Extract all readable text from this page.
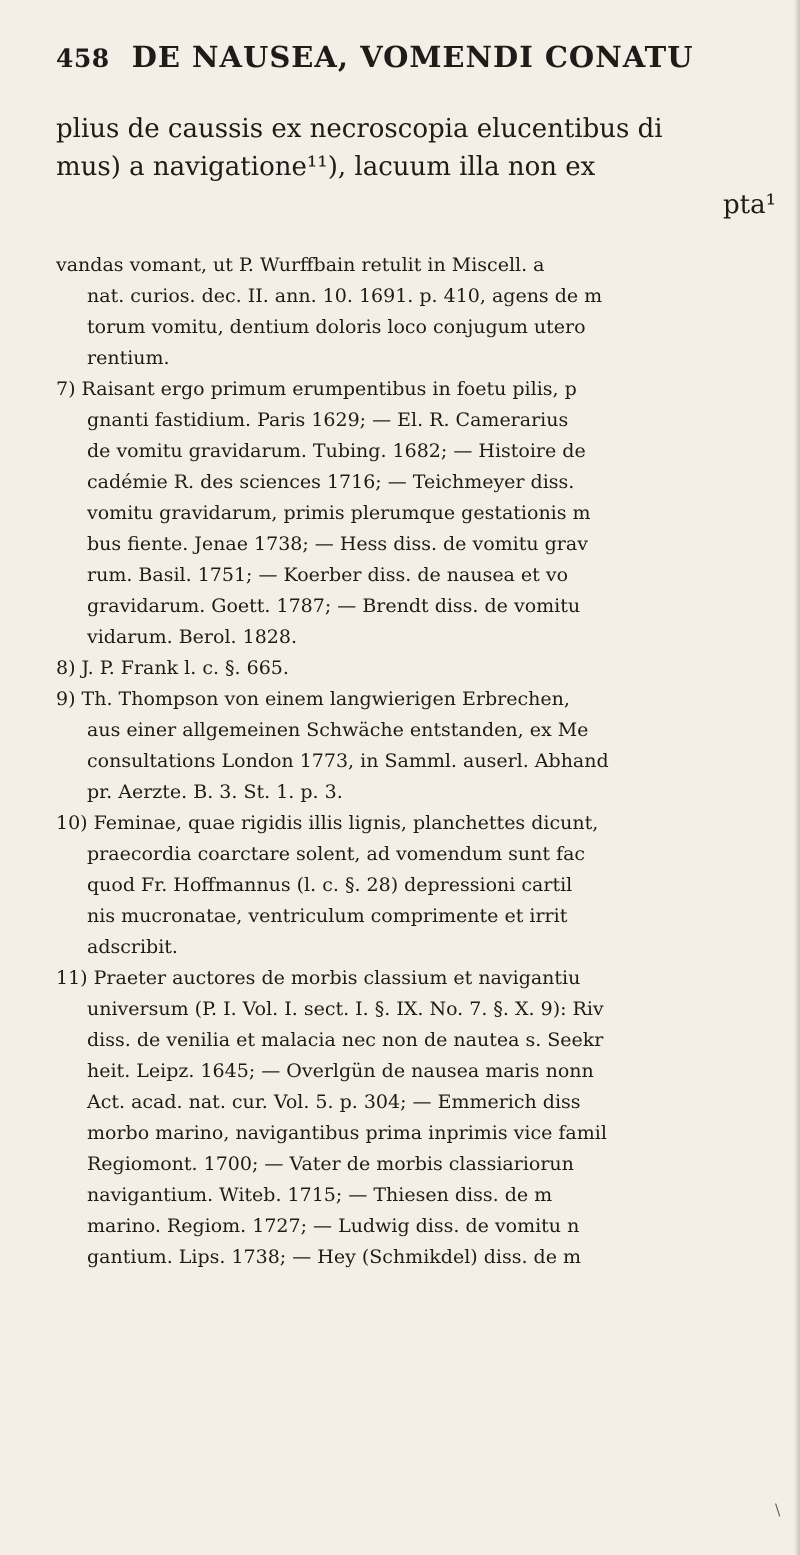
458 DE NAUSEA, VOMENDI CONATU
plius de caussis ex necroscopia elucentibus di
mus) a navigatione¹¹), lacuum illa non ex
pta¹
vandas vomant, ut P. Wurffbain retulit in Miscell. a
nat. curios. dec. II. ann. 10. 1691. p. 410, agens de m
torum vomitu, dentium doloris loco conjugum utero
rentium.
7) Raisant ergo primum erumpentibus in foetu pilis, p
gnanti fastidium. Paris 1629; — El. R. Camerarius
de vomitu gravidarum. Tubing. 1682; — Histoire de
cadémie R. des sciences 1716; — Teichmeyer diss.
vomitu gravidarum, primis plerumque gestationis m
bus fiente. Jenae 1738; — Hess diss. de vomitu grav
rum. Basil. 1751; — Koerber diss. de nausea et vo
gravidarum. Goett. 1787; — Brendt diss. de vomitu
vidarum. Berol. 1828.
8) J. P. Frank l. c. §. 665.
9) Th. Thompson von einem langwierigen Erbrechen,
aus einer allgemeinen Schwäche entstanden, ex Me
consultations London 1773, in Samml. auserl. Abhand
pr. Aerzte. B. 3. St. 1. p. 3.
10) Feminae, quae rigidis illis lignis, planchettes dicunt,
praecordia coarctare solent, ad vomendum sunt fac
quod Fr. Hoffmannus (l. c. §. 28) depressioni cartil
nis mucronatae, ventriculum comprimente et irrit
adscribit.
11) Praeter auctores de morbis classium et navigantiu
universum (P. I. Vol. I. sect. I. §. IX. No. 7. §. X. 9): Riv
diss. de venilia et malacia nec non de nautea s. Seekr
heit. Leipz. 1645; — Overlgün de nausea maris nonn
Act. acad. nat. cur. Vol. 5. p. 304; — Emmerich diss
morbo marino, navigantibus prima inprimis vice famil
Regiomont. 1700; — Vater de morbis classiariorun
navigantium. Witeb. 1715; — Thiesen diss. de m
marino. Regiom. 1727; — Ludwig diss. de vomitu n
gantium. Lips. 1738; — Hey (Schmikdel) diss. de m
\
